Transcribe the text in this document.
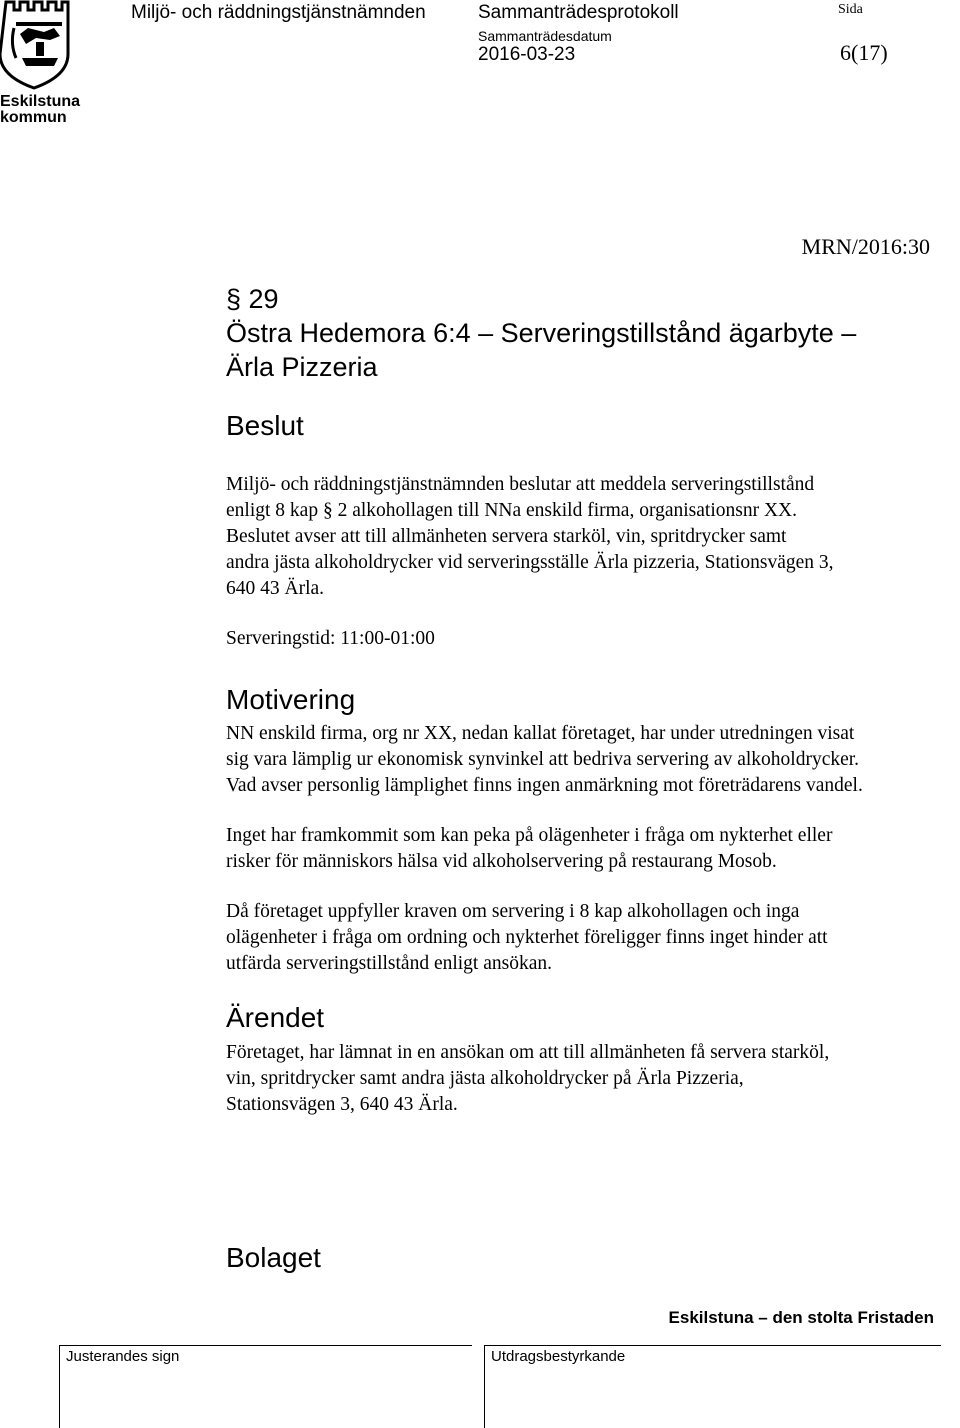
Eskilstuna
kommun
Miljö- och räddningstjänstnämnden	Sammanträdesprotokoll
Sammanträdesdatum
2016-03-23
Sida
6(17)
MRN/2016:30
§ 29
Östra Hedemora 6:4 – Serveringstillstånd ägarbyte –
Ärla Pizzeria
Beslut

Miljö- och räddningstjänstnämnden beslutar att meddela serveringstillstånd

enligt 8 kap § 2 alkohollagen till NNa enskild firma, organisationsnr XX.

Beslutet avser att till allmänheten servera starköl, vin, spritdrycker samt

andra jästa alkoholdrycker vid serveringsställe Ärla pizzeria, Stationsvägen 3,

640 43 Ärla.

Serveringstid: 11:00-01:00

Motivering

NN enskild firma, org nr XX, nedan kallat företaget, har under utredningen visat

sig vara lämplig ur ekonomisk synvinkel att bedriva servering av alkoholdrycker.

Vad avser personlig lämplighet finns ingen anmärkning mot företrädarens vandel.

Inget har framkommit som kan peka på olägenheter i fråga om nykterhet eller

risker för människors hälsa vid alkoholservering på restaurang Mosob.

Då företaget uppfyller kraven om servering i 8 kap alkohollagen och inga

olägenheter i fråga om ordning och nykterhet föreligger finns inget hinder att

utfärda serveringstillstånd enligt ansökan.

Ärendet

Företaget, har lämnat in en ansökan om att till allmänheten få servera starköl,

vin, spritdrycker samt andra jästa alkoholdrycker på Ärla Pizzeria,

Stationsvägen 3, 640 43 Ärla.

Bolaget
Eskilstuna – den stolta Fristaden
Justerandes sign	Utdragsbestyrkande
